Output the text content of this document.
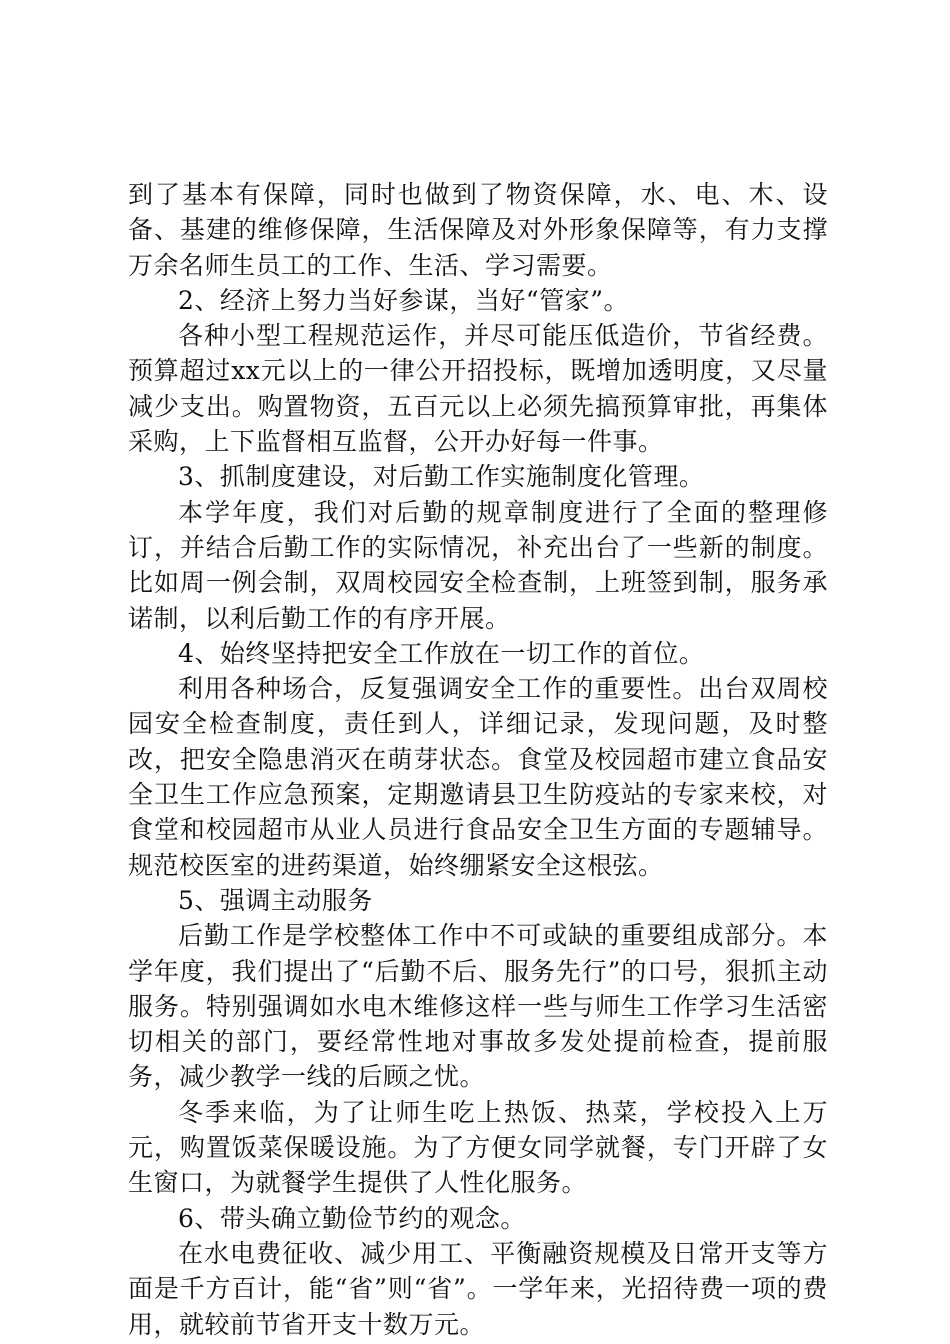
到了基本有保障，同时也做到了物资保障，水、电、木、设备、基建的维修保障，生活保障及对外形象保障等，有力支撑万余名师生员工的工作、生活、学习需要。

2、经济上努力当好参谋，当好“管家”。

各种小型工程规范运作，并尽可能压低造价，节省经费。预算超过xx元以上的一律公开招投标，既增加透明度，又尽量减少支出。购置物资，五百元以上必须先搞预算审批，再集体采购，上下监督相互监督，公开办好每一件事。

3、抓制度建设，对后勤工作实施制度化管理。

本学年度，我们对后勤的规章制度进行了全面的整理修订，并结合后勤工作的实际情况，补充出台了一些新的制度。比如周一例会制，双周校园安全检查制，上班签到制，服务承诺制，以利后勤工作的有序开展。

4、始终坚持把安全工作放在一切工作的首位。

利用各种场合，反复强调安全工作的重要性。出台双周校园安全检查制度，责任到人，详细记录，发现问题，及时整改，把安全隐患消灭在萌芽状态。食堂及校园超市建立食品安全卫生工作应急预案，定期邀请县卫生防疫站的专家来校，对食堂和校园超市从业人员进行食品安全卫生方面的专题辅导。规范校医室的进药渠道，始终绷紧安全这根弦。

5、强调主动服务

后勤工作是学校整体工作中不可或缺的重要组成部分。本学年度，我们提出了“后勤不后、服务先行”的口号，狠抓主动服务。特别强调如水电木维修这样一些与师生工作学习生活密切相关的部门，要经常性地对事故多发处提前检查，提前服务，减少教学一线的后顾之忧。

冬季来临，为了让师生吃上热饭、热菜，学校投入上万元，购置饭菜保暖设施。为了方便女同学就餐，专门开辟了女生窗口，为就餐学生提供了人性化服务。

6、带头确立勤俭节约的观念。

在水电费征收、减少用工、平衡融资规模及日常开支等方面是千方百计，能“省”则“省”。一学年来，光招待费一项的费用，就较前节省开支十数万元。
